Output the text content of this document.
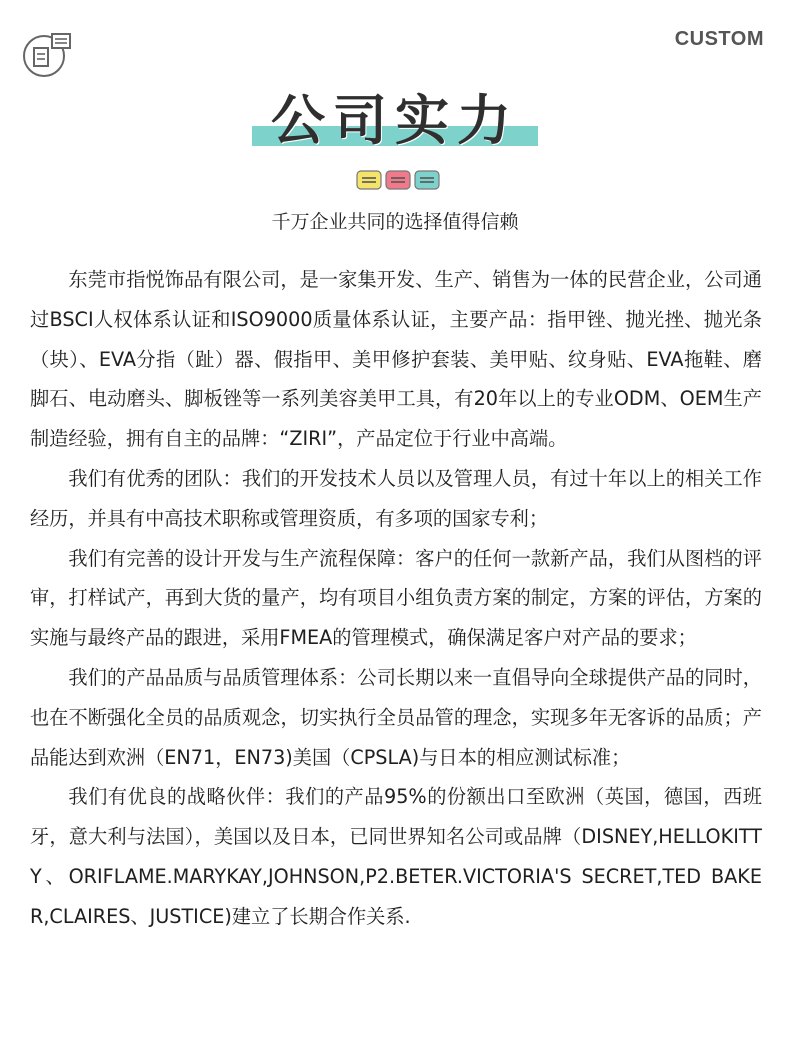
CUSTOM
公司实力
千万企业共同的选择值得信赖

东莞市指悦饰品有限公司，是一家集开发、生产、销售为一体的民营企业，公司通过BSCI人权体系认证和ISO9000质量体系认证，主要产品：指甲锉、抛光挫、抛光条（块）、EVA分指（趾）器、假指甲、美甲修护套装、美甲贴、纹身贴、EVA拖鞋、磨脚石、电动磨头、脚板锉等一系列美容美甲工具，有20年以上的专业ODM、OEM生产制造经验，拥有自主的品牌：“ZIRI”，产品定位于行业中高端。

我们有优秀的团队：我们的开发技术人员以及管理人员，有过十年以上的相关工作经历，并具有中高技术职称或管理资质，有多项的国家专利；

我们有完善的设计开发与生产流程保障：客户的任何一款新产品，我们从图档的评审，打样试产，再到大货的量产，均有项目小组负责方案的制定，方案的评估，方案的实施与最终产品的跟进，采用FMEA的管理模式，确保满足客户对产品的要求；

我们的产品品质与品质管理体系：公司长期以来一直倡导向全球提供产品的同时，也在不断强化全员的品质观念，切实执行全员品管的理念，实现多年无客诉的品质；产品能达到欢洲（EN71，EN73)美国（CPSLA)与日本的相应测试标准；

我们有优良的战略伙伴：我们的产品95%的份额出口至欧洲（英国，德国，西班牙，意大利与法国），美国以及日本，已同世界知名公司或品牌（DISNEY,HELLOKITTY、ORIFLAME.MARYKAY,JOHNSON,P2.BETER.VICTORIA'S SECRET,TED BAKER,CLAIRES、JUSTICE)建立了长期合作关系.
